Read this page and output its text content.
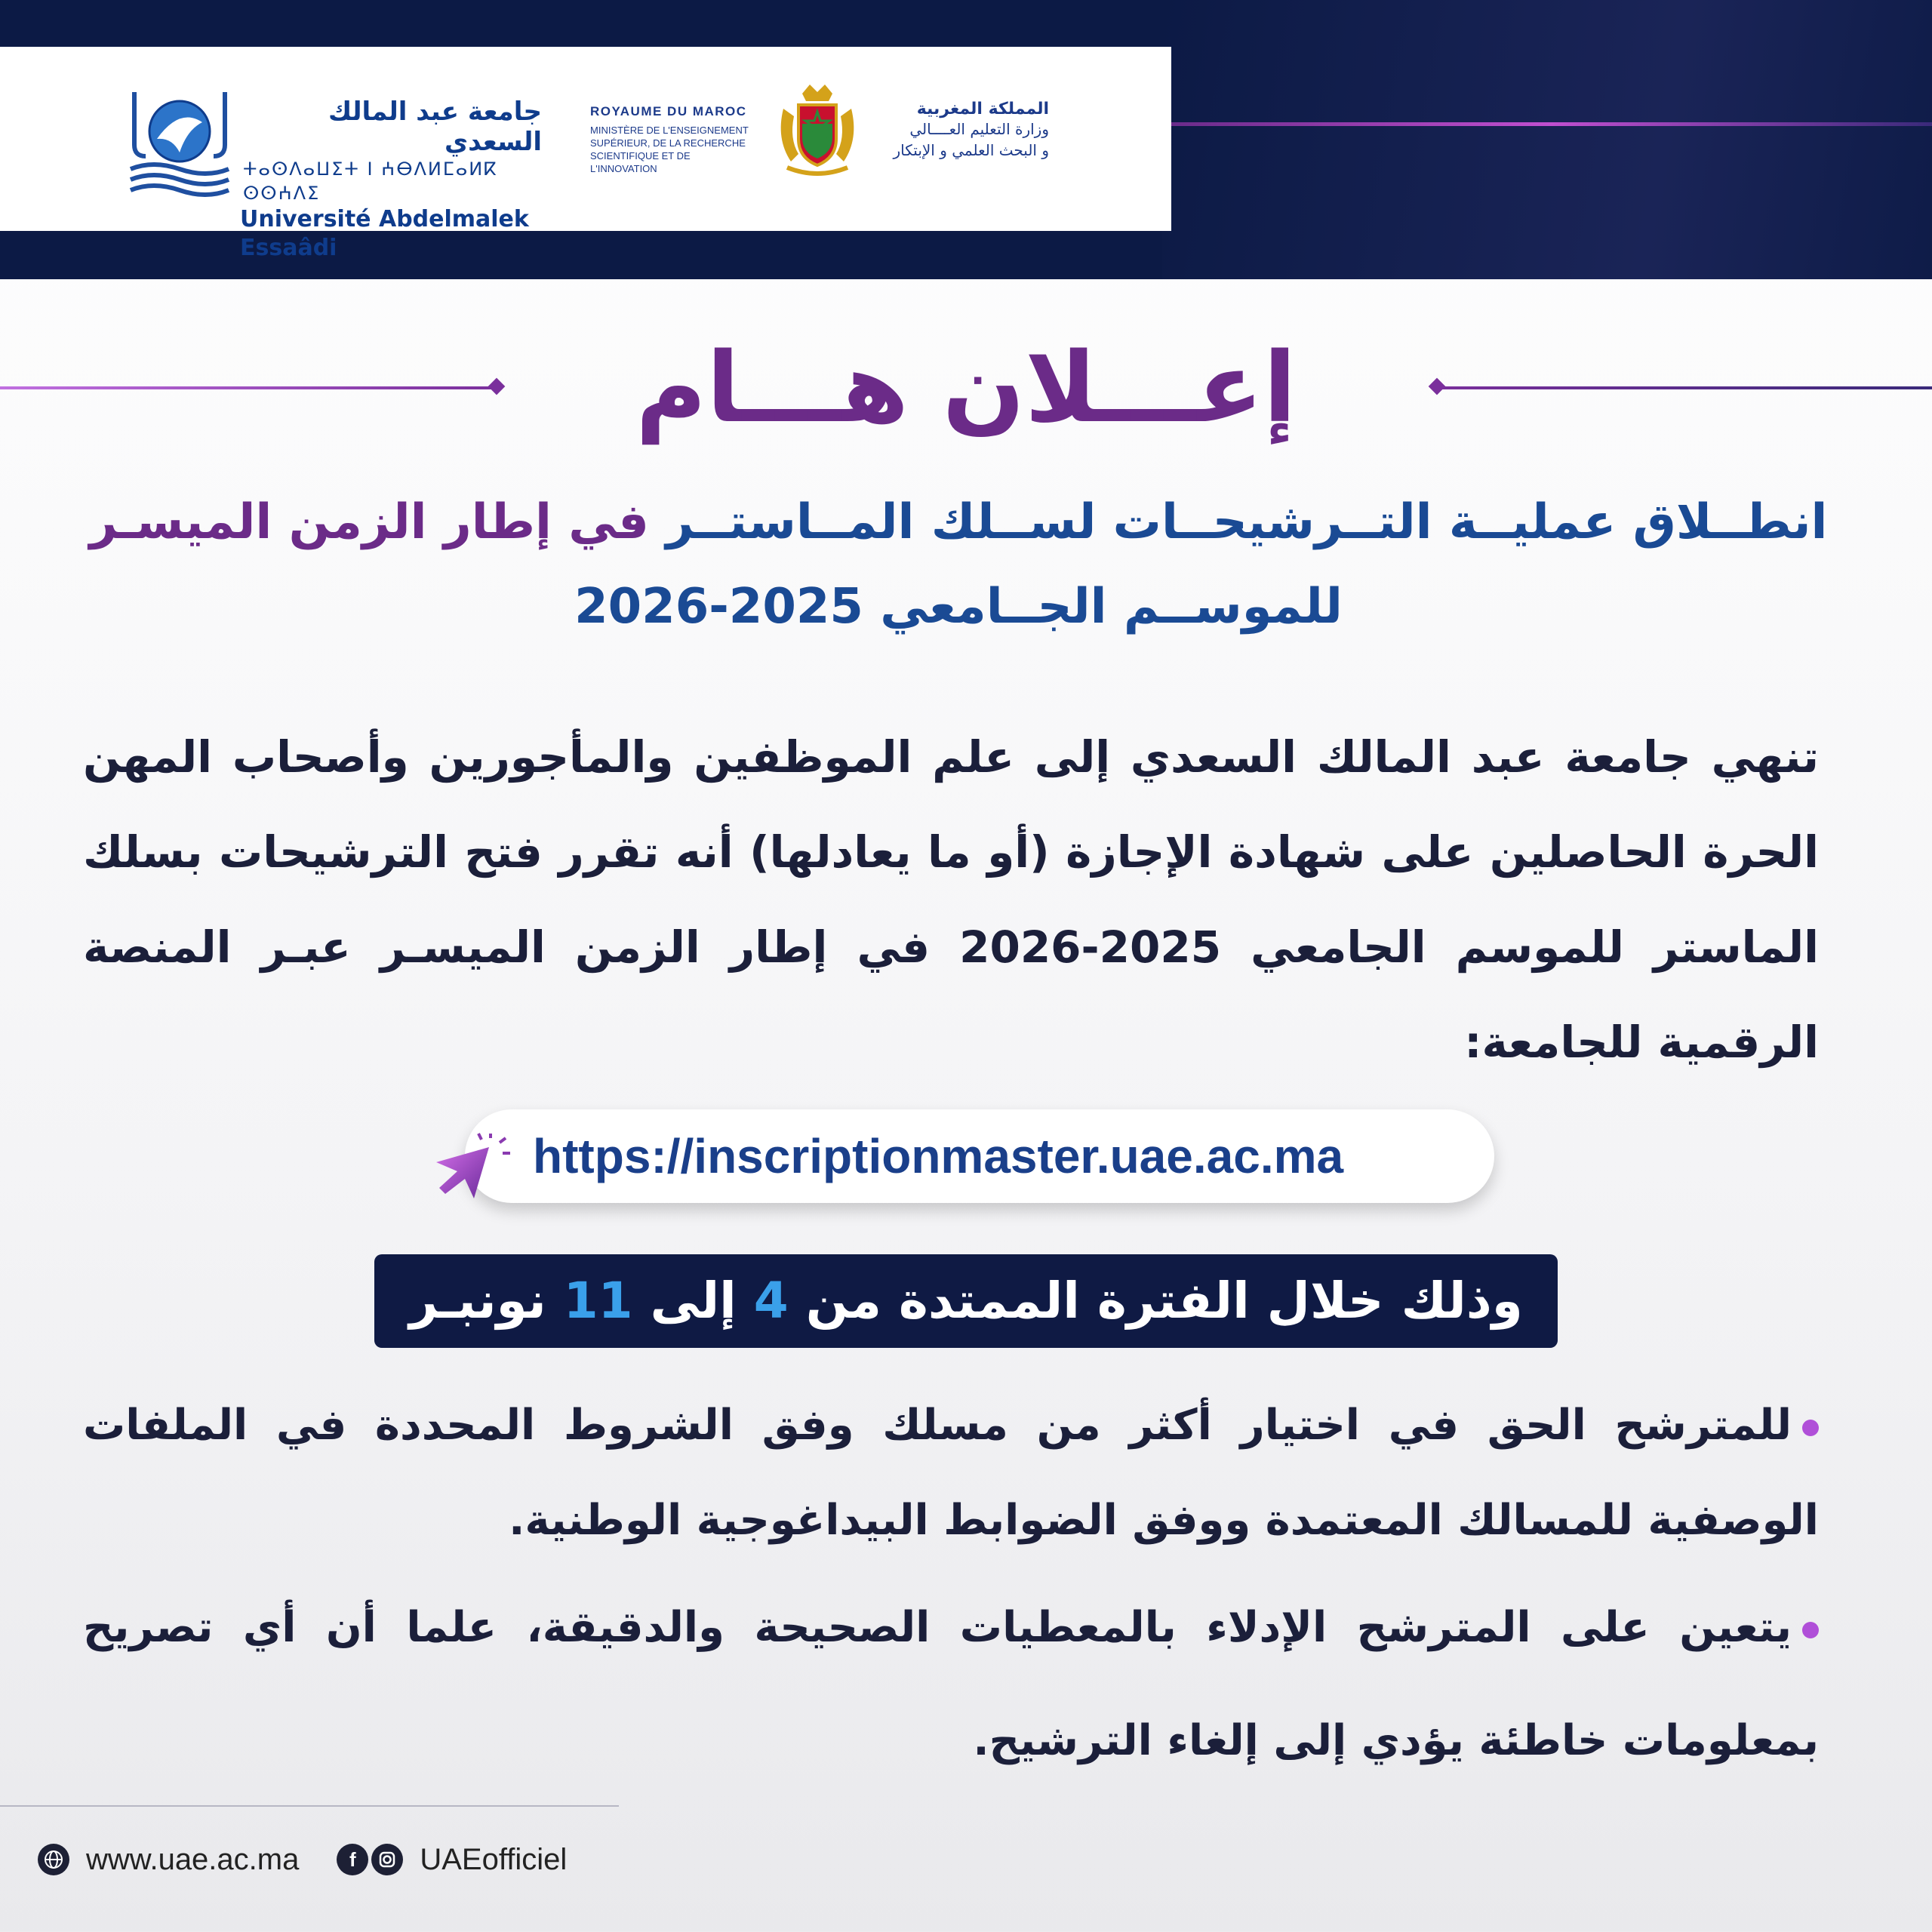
جامعة عبد المالك السعدي
ⵜⴰⵙⴷⴰⵡⵉⵜ ⵏ ⵄⴱⴷⵍⵎⴰⵍⴽ ⵙⵙⵄⴷⵉ
Université Abdelmalek Essaâdi
ROYAUME DU MAROC
MINISTÈRE DE L'ENSEIGNEMENT
SUPÉRIEUR, DE LA RECHERCHE
SCIENTIFIQUE ET DE L'INNOVATION
المملكة المغربية
وزارة التعليم العــــالي
و البحث العلمي و الإبتكار
إعـــلان هـــام
انطــلاق عمليــة التــرشيحــات لســلك المــاستــر في إطار الزمن الميسـر
للموســم الجــامعي 2025-2026
تنهي جامعة عبد المالك السعدي إلى علم الموظفين والمأجورين وأصحاب المهن الحرة الحاصلين على شهادة الإجازة (أو ما يعادلها) أنه تقرر فتح الترشيحات بسلك الماستر للموسم الجامعي 2025-2026 في إطار الزمن الميسـر عبـر المنصة الرقمية للجامعة:
https://inscriptionmaster.uae.ac.ma
وذلك خلال الفترة الممتدة من 4 إلى 11 نونبـر
للمترشح الحق في اختيار أكثر من مسلك وفق الشروط المحددة في الملفات الوصفية للمسالك المعتمدة ووفق الضوابط البيداغوجية الوطنية.
يتعين على المترشح الإدلاء بالمعطيات الصحيحة والدقيقة، علما أن أي تصريح بمعلومات خاطئة يؤدي إلى إلغاء الترشيح.
www.uae.ac.ma	f	UAEofficiel
